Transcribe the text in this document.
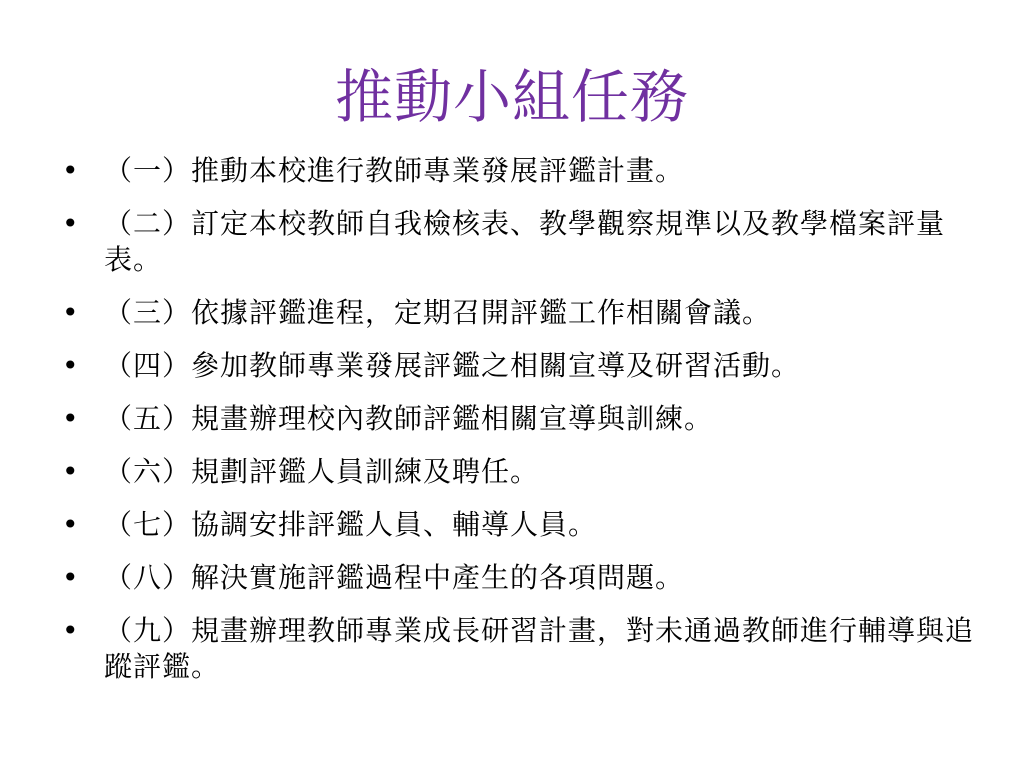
推動小組任務
• （一）推動本校進行教師專業發展評鑑計畫。
• （二）訂定本校教師自我檢核表、教學觀察規準以及教學檔案評量表。
• （三）依據評鑑進程，定期召開評鑑工作相關會議。
• （四）參加教師專業發展評鑑之相關宣導及研習活動。
• （五）規畫辦理校內教師評鑑相關宣導與訓練。
• （六）規劃評鑑人員訓練及聘任。
• （七）協調安排評鑑人員、輔導人員。
• （八）解決實施評鑑過程中產生的各項問題。
• （九）規畫辦理教師專業成長研習計畫，對未通過教師進行輔導與追蹤評鑑。
